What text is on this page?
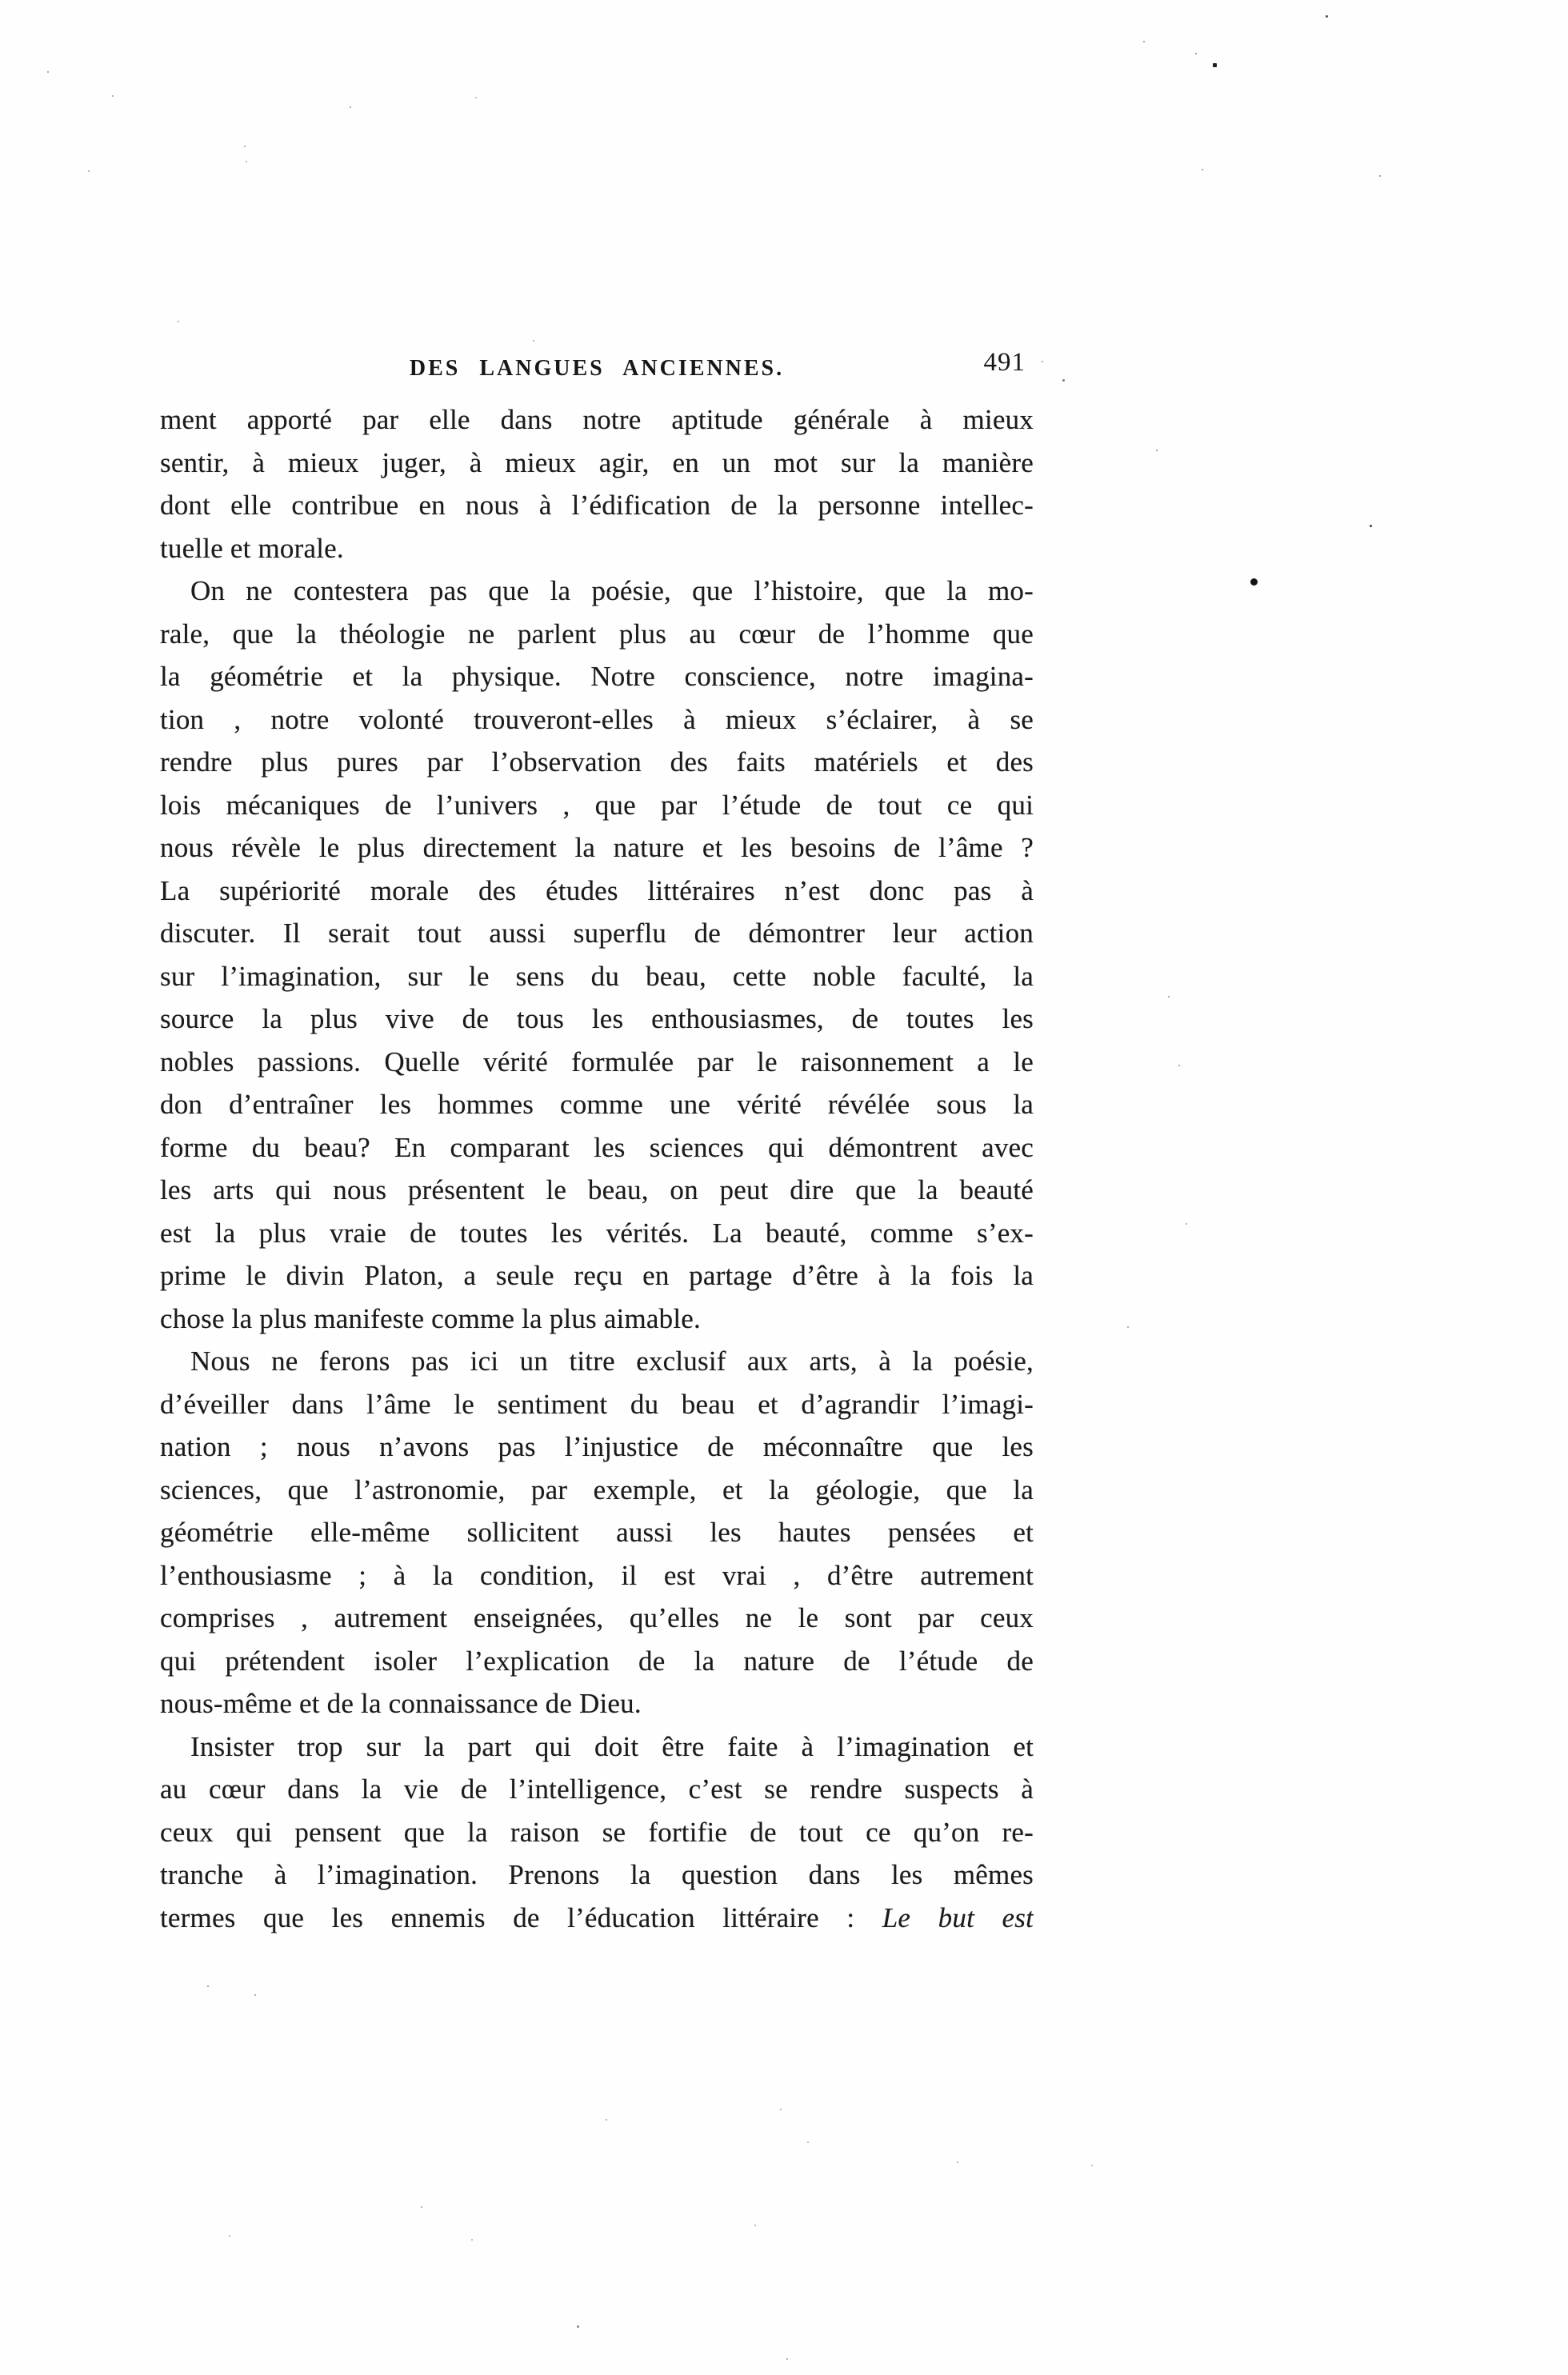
DES LANGUES ANCIENNES.	491
ment apporté par elle dans notre aptitude générale à mieux
sentir, à mieux juger, à mieux agir, en un mot sur la manière
dont elle contribue en nous à l’édification de la personne intellec-
tuelle et morale.
On ne contestera pas que la poésie, que l’histoire, que la mo-
rale, que la théologie ne parlent plus au cœur de l’homme que
la géométrie et la physique. Notre conscience, notre imagina-
tion , notre volonté trouveront-elles à mieux s’éclairer, à se
rendre plus pures par l’observation des faits matériels et des
lois mécaniques de l’univers , que par l’étude de tout ce qui
nous révèle le plus directement la nature et les besoins de l’âme ?
La supériorité morale des études littéraires n’est donc pas à
discuter. Il serait tout aussi superflu de démontrer leur action
sur l’imagination, sur le sens du beau, cette noble faculté, la
source la plus vive de tous les enthousiasmes, de toutes les
nobles passions. Quelle vérité formulée par le raisonnement a le
don d’entraîner les hommes comme une vérité révélée sous la
forme du beau? En comparant les sciences qui démontrent avec
les arts qui nous présentent le beau, on peut dire que la beauté
est la plus vraie de toutes les vérités. La beauté, comme s’ex-
prime le divin Platon, a seule reçu en partage d’être à la fois la
chose la plus manifeste comme la plus aimable.
Nous ne ferons pas ici un titre exclusif aux arts, à la poésie,
d’éveiller dans l’âme le sentiment du beau et d’agrandir l’imagi-
nation ; nous n’avons pas l’injustice de méconnaître que les
sciences, que l’astronomie, par exemple, et la géologie, que la
géométrie elle-même sollicitent aussi les hautes pensées et
l’enthousiasme ; à la condition, il est vrai , d’être autrement
comprises , autrement enseignées, qu’elles ne le sont par ceux
qui prétendent isoler l’explication de la nature de l’étude de
nous-même et de la connaissance de Dieu.
Insister trop sur la part qui doit être faite à l’imagination et
au cœur dans la vie de l’intelligence, c’est se rendre suspects à
ceux qui pensent que la raison se fortifie de tout ce qu’on re-
tranche à l’imagination. Prenons la question dans les mêmes
termes que les ennemis de l’éducation littéraire : Le but est
